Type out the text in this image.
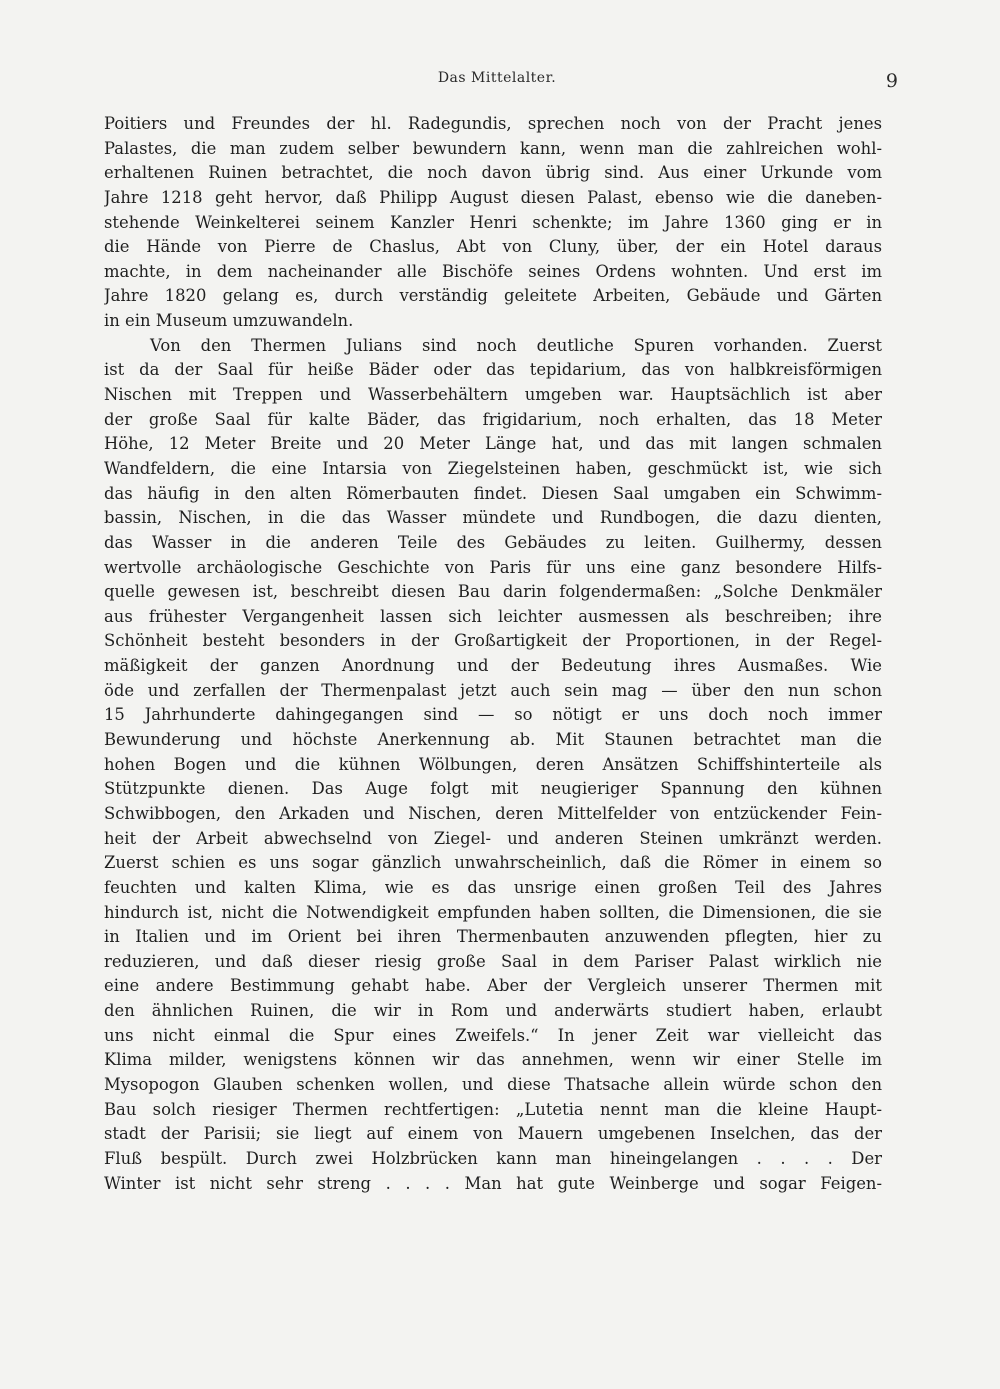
Das Mittelalter.	9
Poitiers und Freundes der hl. Radegundis, sprechen noch von der Pracht jenes
Palastes, die man zudem selber bewundern kann, wenn man die zahlreichen wohl-
erhaltenen Ruinen betrachtet, die noch davon übrig sind. Aus einer Urkunde vom
Jahre 1218 geht hervor, daß Philipp August diesen Palast, ebenso wie die daneben-
stehende Weinkelterei seinem Kanzler Henri schenkte; im Jahre 1360 ging er in
die Hände von Pierre de Chaslus, Abt von Cluny, über, der ein Hotel daraus
machte, in dem nacheinander alle Bischöfe seines Ordens wohnten. Und erst im
Jahre 1820 gelang es, durch verständig geleitete Arbeiten, Gebäude und Gärten
in ein Museum umzuwandeln.
Von den Thermen Julians sind noch deutliche Spuren vorhanden. Zuerst
ist da der Saal für heiße Bäder oder das tepidarium, das von halbkreisförmigen
Nischen mit Treppen und Wasserbehältern umgeben war. Hauptsächlich ist aber
der große Saal für kalte Bäder, das frigidarium, noch erhalten, das 18 Meter
Höhe, 12 Meter Breite und 20 Meter Länge hat, und das mit langen schmalen
Wandfeldern, die eine Intarsia von Ziegelsteinen haben, geschmückt ist, wie sich
das häufig in den alten Römerbauten findet. Diesen Saal umgaben ein Schwimm-
bassin, Nischen, in die das Wasser mündete und Rundbogen, die dazu dienten,
das Wasser in die anderen Teile des Gebäudes zu leiten. Guilhermy, dessen
wertvolle archäologische Geschichte von Paris für uns eine ganz besondere Hilfs-
quelle gewesen ist, beschreibt diesen Bau darin folgendermaßen: „Solche Denkmäler
aus frühester Vergangenheit lassen sich leichter ausmessen als beschreiben; ihre
Schönheit besteht besonders in der Großartigkeit der Proportionen, in der Regel-
mäßigkeit der ganzen Anordnung und der Bedeutung ihres Ausmaßes. Wie
öde und zerfallen der Thermenpalast jetzt auch sein mag — über den nun schon
15 Jahrhunderte dahingegangen sind — so nötigt er uns doch noch immer
Bewunderung und höchste Anerkennung ab. Mit Staunen betrachtet man die
hohen Bogen und die kühnen Wölbungen, deren Ansätzen Schiffshinterteile als
Stützpunkte dienen. Das Auge folgt mit neugieriger Spannung den kühnen
Schwibbogen, den Arkaden und Nischen, deren Mittelfelder von entzückender Fein-
heit der Arbeit abwechselnd von Ziegel- und anderen Steinen umkränzt werden.
Zuerst schien es uns sogar gänzlich unwahrscheinlich, daß die Römer in einem so
feuchten und kalten Klima, wie es das unsrige einen großen Teil des Jahres
hindurch ist, nicht die Notwendigkeit empfunden haben sollten, die Dimensionen, die sie
in Italien und im Orient bei ihren Thermenbauten anzuwenden pflegten, hier zu
reduzieren, und daß dieser riesig große Saal in dem Pariser Palast wirklich nie
eine andere Bestimmung gehabt habe. Aber der Vergleich unserer Thermen mit
den ähnlichen Ruinen, die wir in Rom und anderwärts studiert haben, erlaubt
uns nicht einmal die Spur eines Zweifels.“ In jener Zeit war vielleicht das
Klima milder, wenigstens können wir das annehmen, wenn wir einer Stelle im
Mysopogon Glauben schenken wollen, und diese Thatsache allein würde schon den
Bau solch riesiger Thermen rechtfertigen: „Lutetia nennt man die kleine Haupt-
stadt der Parisii; sie liegt auf einem von Mauern umgebenen Inselchen, das der
Fluß bespült. Durch zwei Holzbrücken kann man hineingelangen . . . . Der
Winter ist nicht sehr streng . . . . Man hat gute Weinberge und sogar Feigen-
